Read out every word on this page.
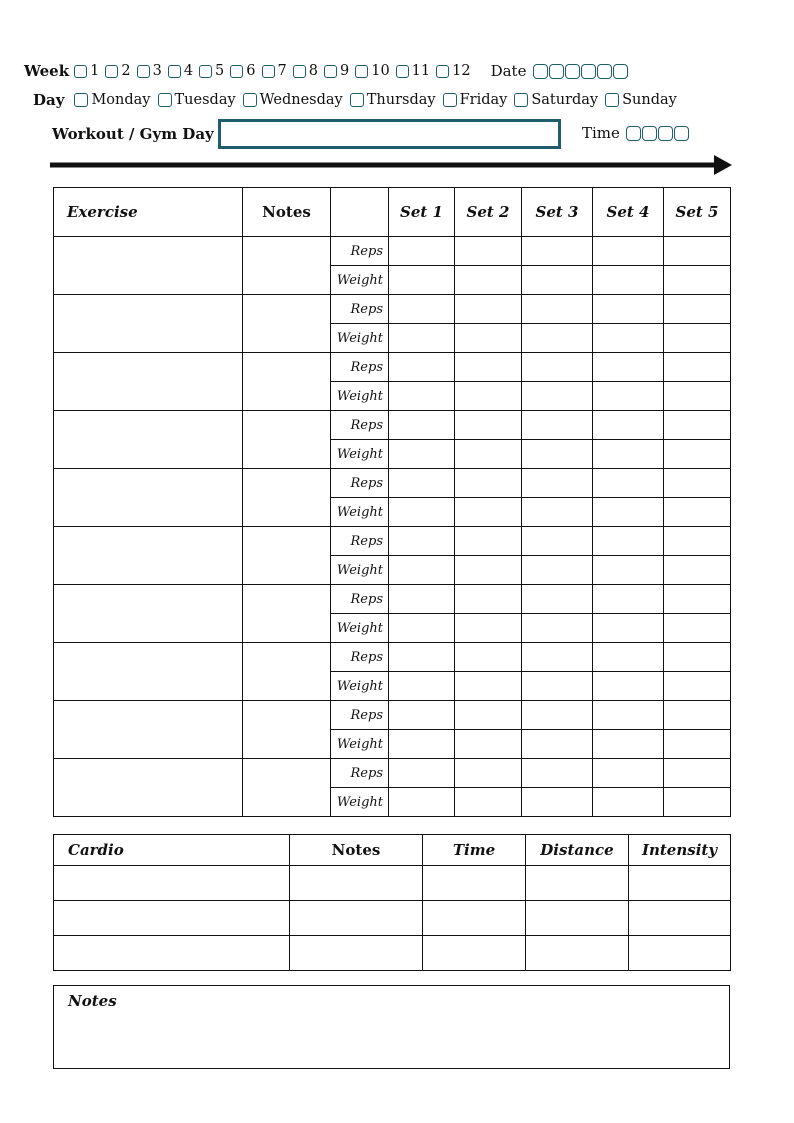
Week 1 2 3 4 5 6 7 8 9 10 11 12 Date
Day Monday Tuesday Wednesday Thursday Friday Saturday Sunday
Workout / Gym Day	Time
Exercise	Notes		Set 1	Set 2	Set 3	Set 4	Set 5
		Reps					
		Weight					
		Reps					
		Weight					
		Reps					
		Weight					
		Reps					
		Weight					
		Reps					
		Weight					
		Reps					
		Weight					
		Reps					
		Weight					
		Reps					
		Weight					
		Reps					
		Weight					
		Reps					
		Weight					
Cardio	Notes	Time	Distance	Intensity

Notes
